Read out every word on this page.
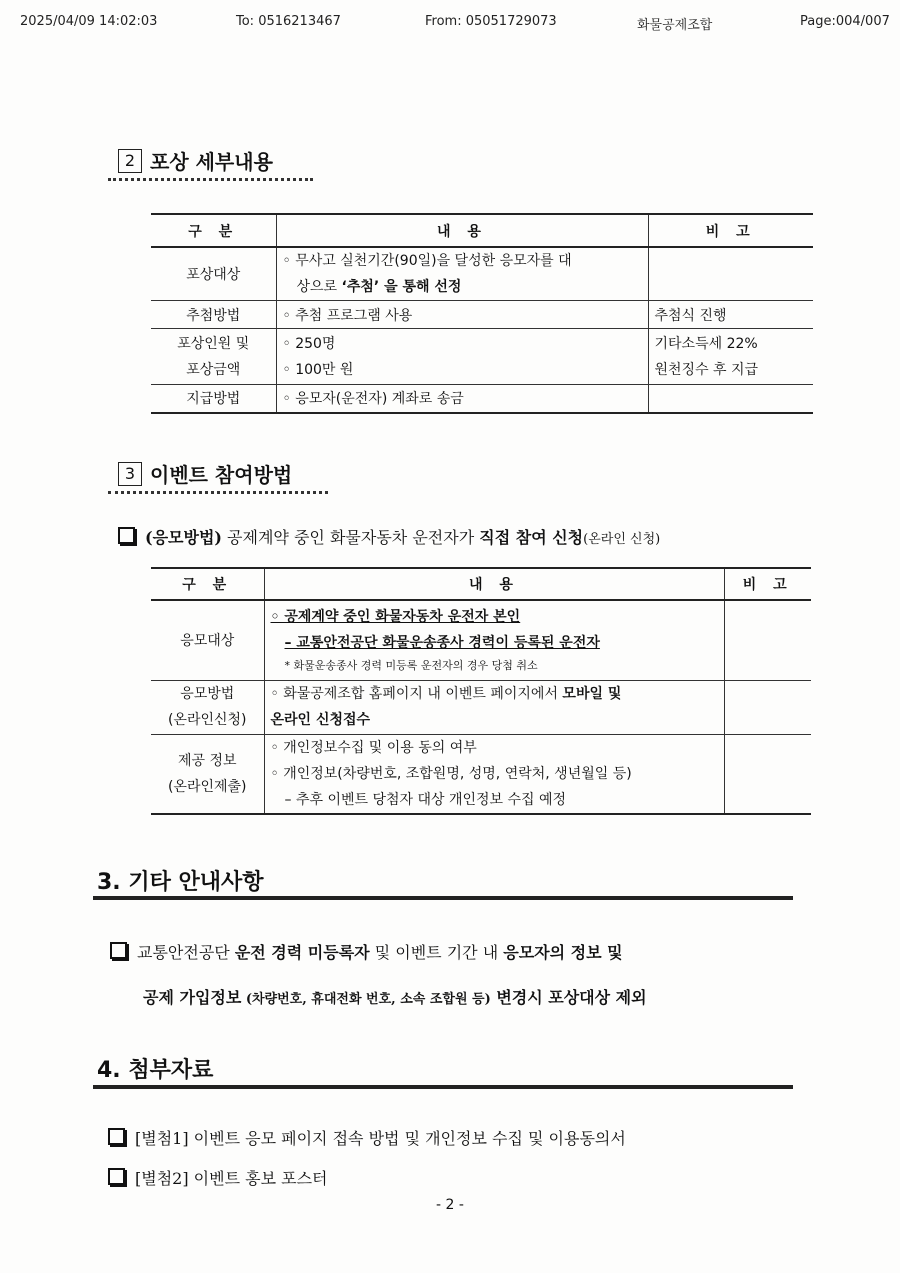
2025/04/09 14:02:03	To: 0516213467	From: 05051729073	화물공제조합	Page:004/007
2 포상 세부내용
구 분	내 용	비 고
포상대상	◦ 무사고 실천기간(90일)을 달성한 응모자를 대
상으로 ‘추첨’ 을 통해 선정	

추첨방법	◦ 추첨 프로그램 사용	추첨식 진행

포상인원 및
포상금액	◦ 250명
◦ 100만 원	기타소득세 22%
원천징수 후 지급

지급방법	◦ 응모자(운전자) 계좌로 송금	
3 이벤트 참여방법
(응모방법) 공제계약 중인 화물자동차 운전자가 직접 참여 신청(온라인 신청)
구 분	내 용	비 고
응모대상	◦ 공제계약 중인 화물자동차 운전자 본인
– 교통안전공단 화물운송종사 경력이 등록된 운전자
* 화물운송종사 경력 미등록 운전자의 경우 당첨 취소	

응모방법
(온라인신청)	◦ 화물공제조합 홈페이지 내 이벤트 페이지에서 모바일 및
온라인 신청접수	

제공 정보
(온라인제출)	◦ 개인정보수집 및 이용 동의 여부
◦ 개인정보(차량번호, 조합원명, 성명, 연락처, 생년월일 등)
– 추후 이벤트 당첨자 대상 개인정보 수집 예정	

3. 기타 안내사항
교통안전공단 운전 경력 미등록자 및 이벤트 기간 내 응모자의 정보 및
공제 가입정보 (차량번호, 휴대전화 번호, 소속 조합원 등) 변경시 포상대상 제외
4. 첨부자료
[별첨1] 이벤트 응모 페이지 접속 방법 및 개인정보 수집 및 이용동의서
[별첨2] 이벤트 홍보 포스터
- 2 -
